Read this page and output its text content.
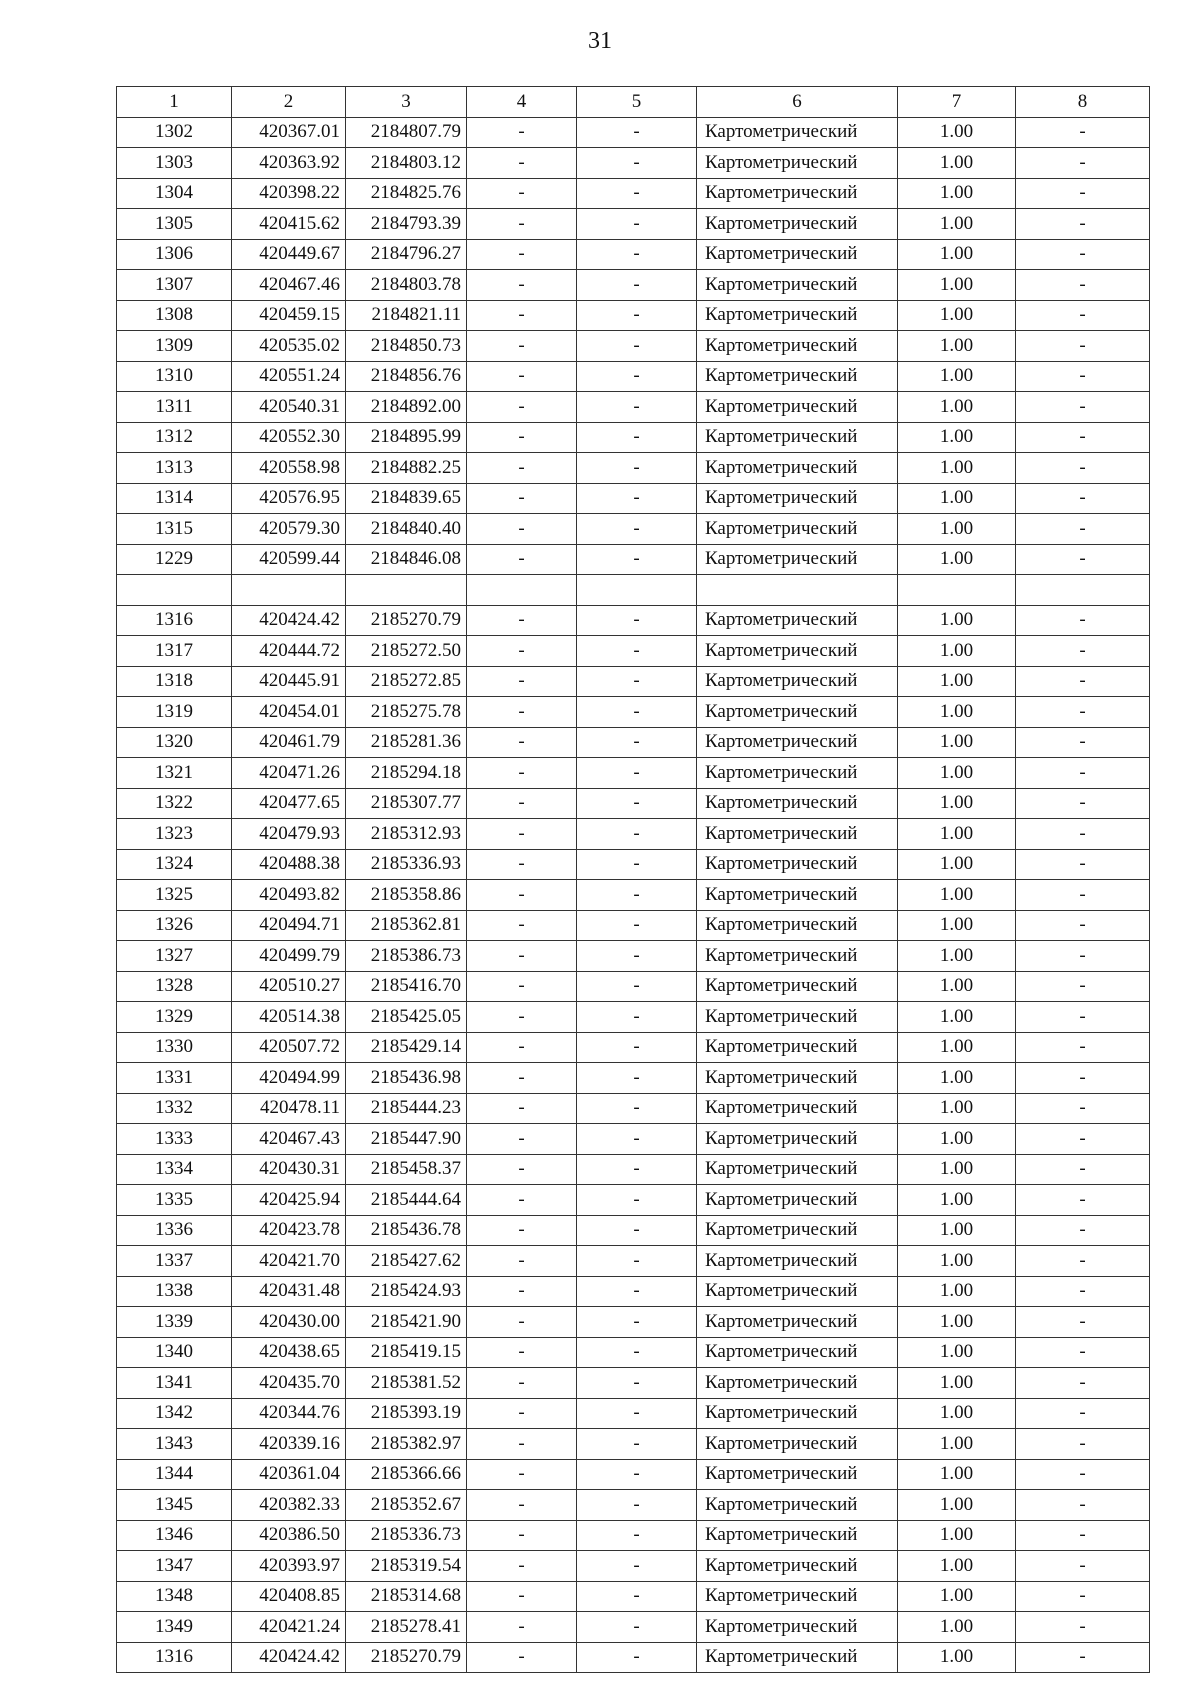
31
1	2	3	4	5	6	7	8
1302	420367.01	2184807.79	-	-	Картометрический	1.00	-
1303	420363.92	2184803.12	-	-	Картометрический	1.00	-
1304	420398.22	2184825.76	-	-	Картометрический	1.00	-
1305	420415.62	2184793.39	-	-	Картометрический	1.00	-
1306	420449.67	2184796.27	-	-	Картометрический	1.00	-
1307	420467.46	2184803.78	-	-	Картометрический	1.00	-
1308	420459.15	2184821.11	-	-	Картометрический	1.00	-
1309	420535.02	2184850.73	-	-	Картометрический	1.00	-
1310	420551.24	2184856.76	-	-	Картометрический	1.00	-
1311	420540.31	2184892.00	-	-	Картометрический	1.00	-
1312	420552.30	2184895.99	-	-	Картометрический	1.00	-
1313	420558.98	2184882.25	-	-	Картометрический	1.00	-
1314	420576.95	2184839.65	-	-	Картометрический	1.00	-
1315	420579.30	2184840.40	-	-	Картометрический	1.00	-
1229	420599.44	2184846.08	-	-	Картометрический	1.00	-

1316	420424.42	2185270.79	-	-	Картометрический	1.00	-
1317	420444.72	2185272.50	-	-	Картометрический	1.00	-
1318	420445.91	2185272.85	-	-	Картометрический	1.00	-
1319	420454.01	2185275.78	-	-	Картометрический	1.00	-
1320	420461.79	2185281.36	-	-	Картометрический	1.00	-
1321	420471.26	2185294.18	-	-	Картометрический	1.00	-
1322	420477.65	2185307.77	-	-	Картометрический	1.00	-
1323	420479.93	2185312.93	-	-	Картометрический	1.00	-
1324	420488.38	2185336.93	-	-	Картометрический	1.00	-
1325	420493.82	2185358.86	-	-	Картометрический	1.00	-
1326	420494.71	2185362.81	-	-	Картометрический	1.00	-
1327	420499.79	2185386.73	-	-	Картометрический	1.00	-
1328	420510.27	2185416.70	-	-	Картометрический	1.00	-
1329	420514.38	2185425.05	-	-	Картометрический	1.00	-
1330	420507.72	2185429.14	-	-	Картометрический	1.00	-
1331	420494.99	2185436.98	-	-	Картометрический	1.00	-
1332	420478.11	2185444.23	-	-	Картометрический	1.00	-
1333	420467.43	2185447.90	-	-	Картометрический	1.00	-
1334	420430.31	2185458.37	-	-	Картометрический	1.00	-
1335	420425.94	2185444.64	-	-	Картометрический	1.00	-
1336	420423.78	2185436.78	-	-	Картометрический	1.00	-
1337	420421.70	2185427.62	-	-	Картометрический	1.00	-
1338	420431.48	2185424.93	-	-	Картометрический	1.00	-
1339	420430.00	2185421.90	-	-	Картометрический	1.00	-
1340	420438.65	2185419.15	-	-	Картометрический	1.00	-
1341	420435.70	2185381.52	-	-	Картометрический	1.00	-
1342	420344.76	2185393.19	-	-	Картометрический	1.00	-
1343	420339.16	2185382.97	-	-	Картометрический	1.00	-
1344	420361.04	2185366.66	-	-	Картометрический	1.00	-
1345	420382.33	2185352.67	-	-	Картометрический	1.00	-
1346	420386.50	2185336.73	-	-	Картометрический	1.00	-
1347	420393.97	2185319.54	-	-	Картометрический	1.00	-
1348	420408.85	2185314.68	-	-	Картометрический	1.00	-
1349	420421.24	2185278.41	-	-	Картометрический	1.00	-
1316	420424.42	2185270.79	-	-	Картометрический	1.00	-
